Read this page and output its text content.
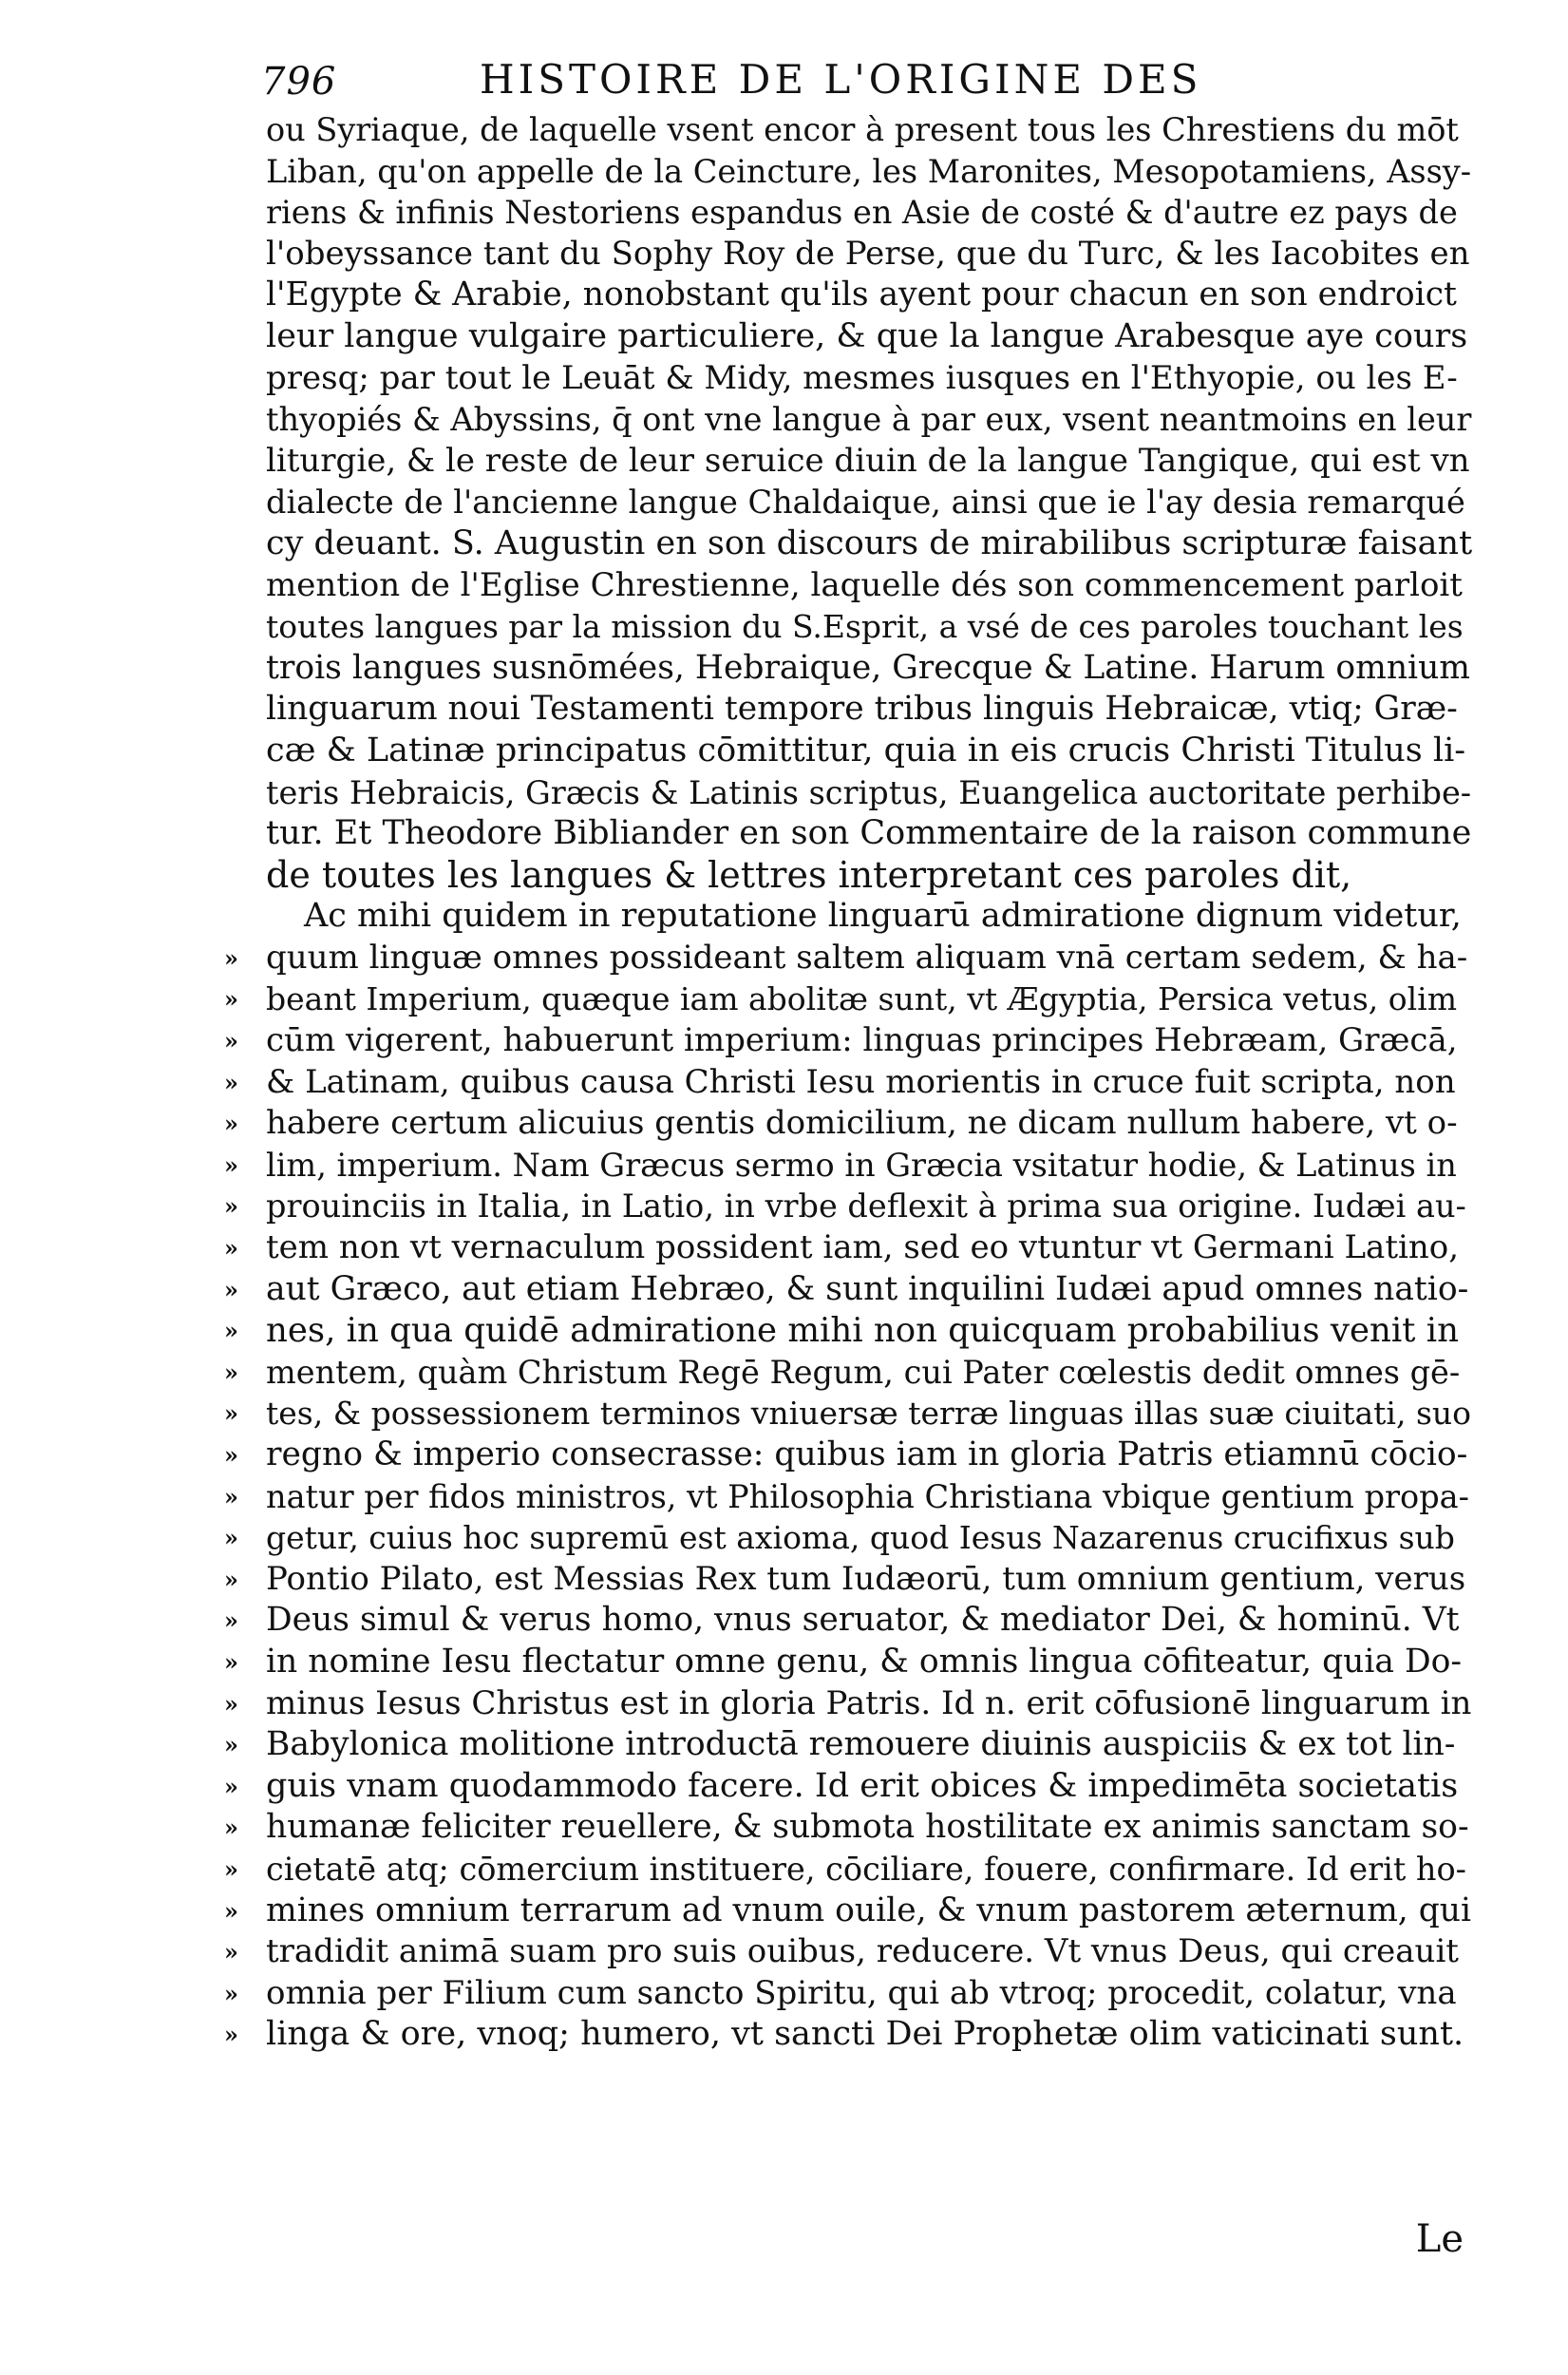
796	HISTOIRE DE L'ORIGINE DES
ou Syriaque, de laquelle vsent encor à present tous les Chrestiens du mōt
Liban, qu'on appelle de la Ceincture, les Maronites, Mesopotamiens, Assy-
riens & infinis Nestoriens espandus en Asie de costé & d'autre ez pays de
l'obeyssance tant du Sophy Roy de Perse, que du Turc, & les Iacobites en
l'Egypte & Arabie, nonobstant qu'ils ayent pour chacun en son endroict
leur langue vulgaire particuliere, & que la langue Arabesque aye cours
presq; par tout le Leuāt & Midy, mesmes iusques en l'Ethyopie, ou les E-
thyopiés & Abyssins, q̄ ont vne langue à par eux, vsent neantmoins en leur
liturgie, & le reste de leur seruice diuin de la langue Tangique, qui est vn
dialecte de l'ancienne langue Chaldaique, ainsi que ie l'ay desia remarqué
cy deuant. S. Augustin en son discours de mirabilibus scripturæ faisant
mention de l'Eglise Chrestienne, laquelle dés son commencement parloit
toutes langues par la mission du S.Esprit, a vsé de ces paroles touchant les
trois langues susnōmées, Hebraique, Grecque & Latine. Harum omnium
linguarum noui Testamenti tempore tribus linguis Hebraicæ, vtiq; Græ-
cæ & Latinæ principatus cōmittitur, quia in eis crucis Christi Titulus li-
teris Hebraicis, Græcis & Latinis scriptus, Euangelica auctoritate perhibe-
tur. Et Theodore Bibliander en son Commentaire de la raison commune
de toutes les langues & lettres interpretant ces paroles dit,
Ac mihi quidem in reputatione linguarū admiratione dignum videtur,
» quum linguæ omnes possideant saltem aliquam vnā certam sedem, & ha-
» beant Imperium, quæque iam abolitæ sunt, vt Ægyptia, Persica vetus, olim
» cūm vigerent, habuerunt imperium: linguas principes Hebræam, Græcā,
» & Latinam, quibus causa Christi Iesu morientis in cruce fuit scripta, non
» habere certum alicuius gentis domicilium, ne dicam nullum habere, vt o-
» lim, imperium. Nam Græcus sermo in Græcia vsitatur hodie, & Latinus in
» prouinciis in Italia, in Latio, in vrbe deflexit à prima sua origine. Iudæi au-
» tem non vt vernaculum possident iam, sed eo vtuntur vt Germani Latino,
» aut Græco, aut etiam Hebræo, & sunt inquilini Iudæi apud omnes natio-
» nes, in qua quidē admiratione mihi non quicquam probabilius venit in
» mentem, quàm Christum Regē Regum, cui Pater cœlestis dedit omnes gē-
» tes, & possessionem terminos vniuersæ terræ linguas illas suæ ciuitati, suo
» regno & imperio consecrasse: quibus iam in gloria Patris etiamnū cōcio-
» natur per fidos ministros, vt Philosophia Christiana vbique gentium propa-
» getur, cuius hoc supremū est axioma, quod Iesus Nazarenus crucifixus sub
» Pontio Pilato, est Messias Rex tum Iudæorū, tum omnium gentium, verus
» Deus simul & verus homo, vnus seruator, & mediator Dei, & hominū. Vt
» in nomine Iesu flectatur omne genu, & omnis lingua cōfiteatur, quia Do-
» minus Iesus Christus est in gloria Patris. Id n. erit cōfusionē linguarum in
» Babylonica molitione introductā remouere diuinis auspiciis & ex tot lin-
» guis vnam quodammodo facere. Id erit obices & impedimēta societatis
» humanæ feliciter reuellere, & submota hostilitate ex animis sanctam so-
» cietatē atq; cōmercium instituere, cōciliare, fouere, confirmare. Id erit ho-
» mines omnium terrarum ad vnum ouile, & vnum pastorem æternum, qui
» tradidit animā suam pro suis ouibus, reducere. Vt vnus Deus, qui creauit
» omnia per Filium cum sancto Spiritu, qui ab vtroq; procedit, colatur, vna
» linga & ore, vnoq; humero, vt sancti Dei Prophetæ olim vaticinati sunt.
Le
